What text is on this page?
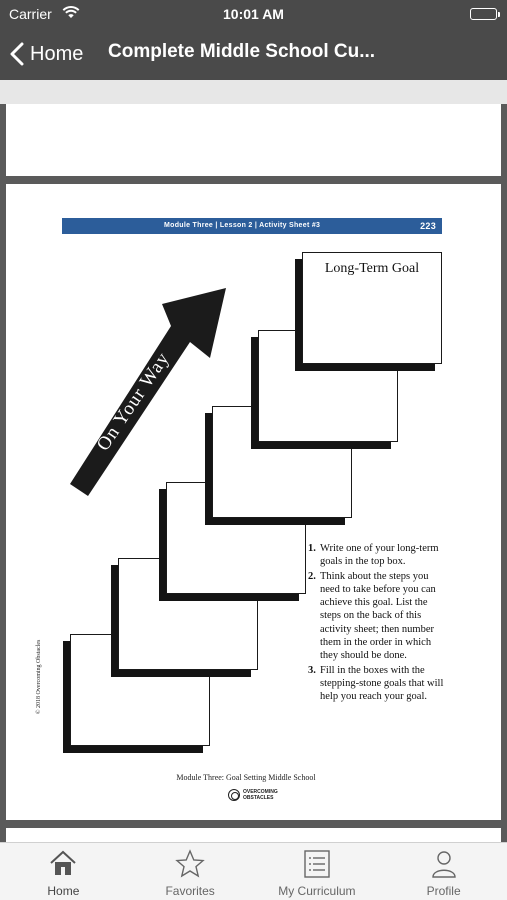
Carrier	10:01 AM
Home Complete Middle School Cu...
Module Three | Lesson 2 | Activity Sheet #3	223
On Your Way
Long-Term Goal
1. Write one of your long-term goals in the top box.
2. Think about the steps you need to take before you can achieve this goal. List the steps on the back of this activity sheet; then number them in the order in which they should be done.
3. Fill in the boxes with the stepping-stone goals that will help you reach your goal.
© 2018 Overcoming Obstacles
Module Three: Goal Setting Middle School
OVERCOMING
OBSTACLES
Home	Favorites	My Curriculum	Profile
